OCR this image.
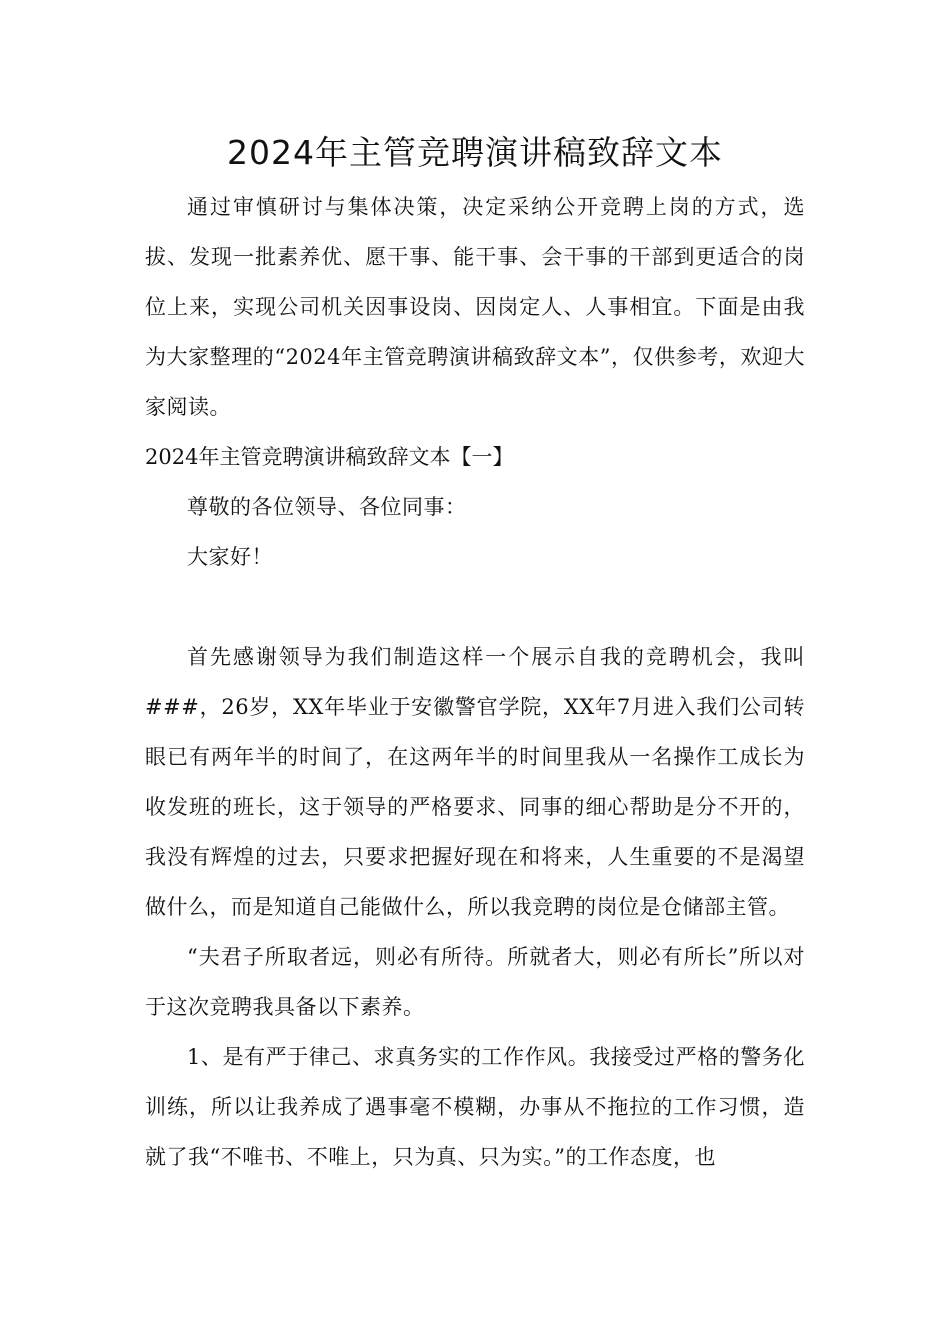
2024年主管竞聘演讲稿致辞文本

通过审慎研讨与集体决策，决定采纳公开竞聘上岗的方式，选拔、发现一批素养优、愿干事、能干事、会干事的干部到更适合的岗位上来，实现公司机关因事设岗、因岗定人、人事相宜。下面是由我为大家整理的“2024年主管竞聘演讲稿致辞文本”，仅供参考，欢迎大家阅读。

2024年主管竞聘演讲稿致辞文本【一】

尊敬的各位领导、各位同事：

大家好！

首先感谢领导为我们制造这样一个展示自我的竞聘机会，我叫###，26岁，XX年毕业于安徽警官学院，XX年7月进入我们公司转眼已有两年半的时间了，在这两年半的时间里我从一名操作工成长为收发班的班长，这于领导的严格要求、同事的细心帮助是分不开的，我没有辉煌的过去，只要求把握好现在和将来，人生重要的不是渴望做什么，而是知道自己能做什么，所以我竞聘的岗位是仓储部主管。

“夫君子所取者远，则必有所待。所就者大，则必有所长”所以对于这次竞聘我具备以下素养。

1、是有严于律己、求真务实的工作作风。我接受过严格的警务化训练，所以让我养成了遇事毫不模糊，办事从不拖拉的工作习惯，造就了我“不唯书、不唯上，只为真、只为实。”的工作态度，也
